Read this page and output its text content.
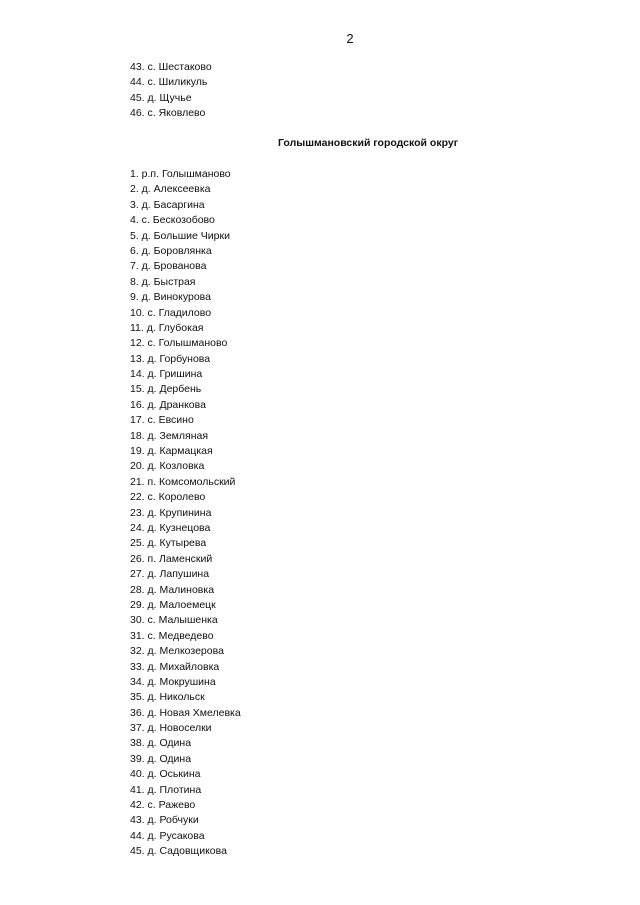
2
43. с. Шестаково
44. с. Шиликуль
45. д. Щучье
46. с. Яковлево
Голышмановский городской округ
1. р.п. Голышманово
2. д. Алексеевка
3. д. Басаргина
4. с. Бескозобово
5. д. Большие Чирки
6. д. Боровлянка
7. д. Брованова
8. д. Быстрая
9. д. Винокурова
10. с. Гладилово
11. д. Глубокая
12. с. Голышманово
13. д. Горбунова
14. д. Гришина
15. д. Дербень
16. д. Дранкова
17. с. Евсино
18. д. Земляная
19. д. Кармацкая
20. д. Козловка
21. п. Комсомольский
22. с. Королево
23. д. Крупинина
24. д. Кузнецова
25. д. Кутырева
26. п. Ламенский
27. д. Лапушина
28. д. Малиновка
29. д. Малоемецк
30. с. Малышенка
31. с. Медведево
32. д. Мелкозерова
33. д. Михайловка
34. д. Мокрушина
35. д. Никольск
36. д. Новая Хмелевка
37. д. Новоселки
38. д. Одина
39. д. Одина
40. д. Оськина
41. д. Плотина
42. с. Ражево
43. д. Робчуки
44. д. Русакова
45. д. Садовщикова
